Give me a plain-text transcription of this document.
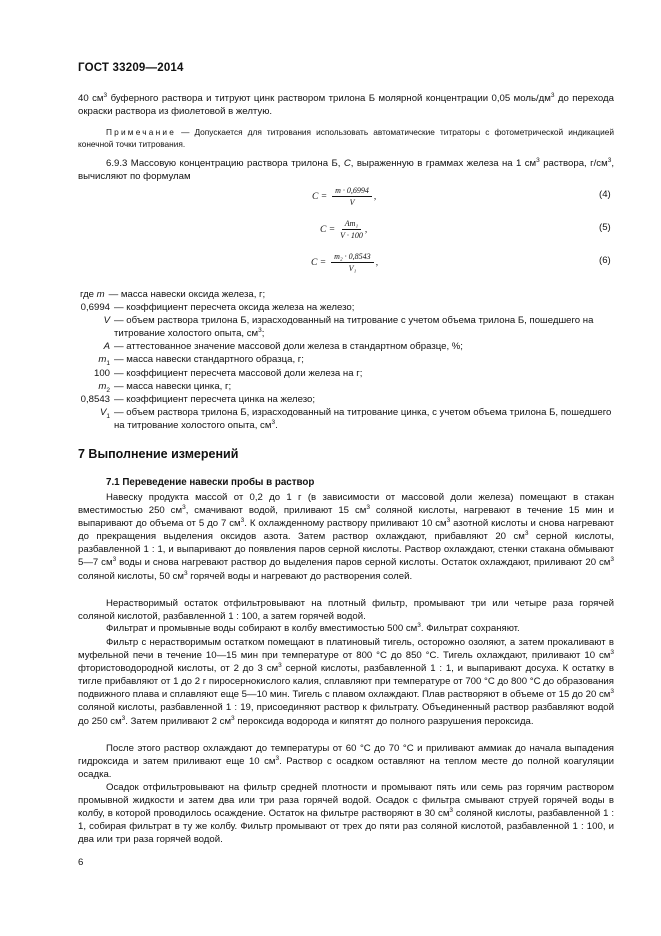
ГОСТ 33209—2014
40 $см^3$ буферного раствора и титруют цинк раствором трилона Б молярной концентрации 0,05 моль/$дм^3$ до перехода окраски раствора из фиолетовой в желтую.
Примечание — Допускается для титрования использовать автоматические титраторы с фотометрической индикацией конечной точки титрования.
6.9.3 Массовую концентрацию раствора трилона Б, С, выраженную в граммах железа на 1 $см^3$ раствора, $г/см^3$, вычисляют по формулам
$C = \frac{m \cdot 0,6994}{V}$ ,	(4)
$C = \frac{\text{Am₁}}{V \cdot 100}$ ,	(5)
$C = \frac{\text{m₂ · 0,8543}}{\text{V₁}}$ ,	(6)
где m — масса навески оксида железа, г;
0,6994 — коэффициент пересчета оксида железа на железо;
V — объем раствора трилона Б, израсходованный на титрование с учетом объема трилона Б, пошедшего на титрование холостого опыта, $см^3$;
A — аттестованное значение массовой доли железа в стандартном образце, %;
$m_1$ — масса навески стандартного образца, г;
100 — коэффициент пересчета массовой доли железа на г;
$m_2$ — масса навески цинка, г;
0,8543 — коэффициент пересчета цинка на железо;
$V_1$ — объем раствора трилона Б, израсходованный на титрование цинка, с учетом объема трилона Б, пошедшего на титрование холостого опыта, $см^3$.
7 Выполнение измерений
7.1 Переведение навески пробы в раствор
Навеску продукта массой от 0,2 до 1 г (в зависимости от массовой доли железа) помещают в стакан вместимостью 250 $см^3$, смачивают водой, приливают 15 $см^3$ соляной кислоты, нагревают в течение 15 мин и выпаривают до объема от 5 до 7 $см^3$. К охлажденному раствору приливают 10 $см^3$ азотной кислоты и снова нагревают до прекращения выделения оксидов азота. Затем раствор охлаждают, прибавляют 20 $см^3$ серной кислоты, разбавленной 1 : 1, и выпаривают до появления паров серной кислоты. Раствор охлаждают, стенки стакана обмывают 5—7 $см^3$ воды и снова нагревают раствор до выделения паров серной кислоты. Остаток охлаждают, приливают 20 $см^3$ соляной кислоты, 50 $см^3$ горячей воды и нагревают до растворения солей.
Нерастворимый остаток отфильтровывают на плотный фильтр, промывают три или четыре раза горячей соляной кислотой, разбавленной 1 : 100, а затем горячей водой.
Фильтрат и промывные воды собирают в колбу вместимостью 500 $см^3$. Фильтрат сохраняют.
Фильтр с нерастворимым остатком помещают в платиновый тигель, осторожно озоляют, а затем прокаливают в муфельной печи в течение 10—15 мин при температуре от 800 °С до 850 °С. Тигель охлаждают, приливают 10 $см^3$ фтористоводородной кислоты, от 2 до 3 $см^3$ серной кислоты, разбавленной 1 : 1, и выпаривают досуха. К остатку в тигле прибавляют от 1 до 2 г пиросернокислого калия, сплавляют при температуре от 700 °С до 800 °С до образования подвижного плава и сплавляют еще 5—10 мин. Тигель с плавом охлаждают. Плав растворяют в объеме от 15 до 20 $см^3$ соляной кислоты, разбавленной 1 : 19, присоединяют раствор к фильтрату. Объединенный раствор разбавляют водой до 250 $см^3$. Затем приливают 2 $см^3$ пероксида водорода и кипятят до полного разрушения пероксида.
После этого раствор охлаждают до температуры от 60 °С до 70 °С и приливают аммиак до начала выпадения гидроксида и затем приливают еще 10 $см^3$. Раствор с осадком оставляют на теплом месте до полной коагуляции осадка.
Осадок отфильтровывают на фильтр средней плотности и промывают пять или семь раз горячим раствором промывной жидкости и затем два или три раза горячей водой. Осадок с фильтра смывают струей горячей воды в колбу, в которой проводилось осаждение. Остаток на фильтре растворяют в 30 $см^3$ соляной кислоты, разбавленной 1 : 1, собирая фильтрат в ту же колбу. Фильтр промывают от трех до пяти раз соляной кислотой, разбавленной 1 : 100, и два или три раза горячей водой.
6
